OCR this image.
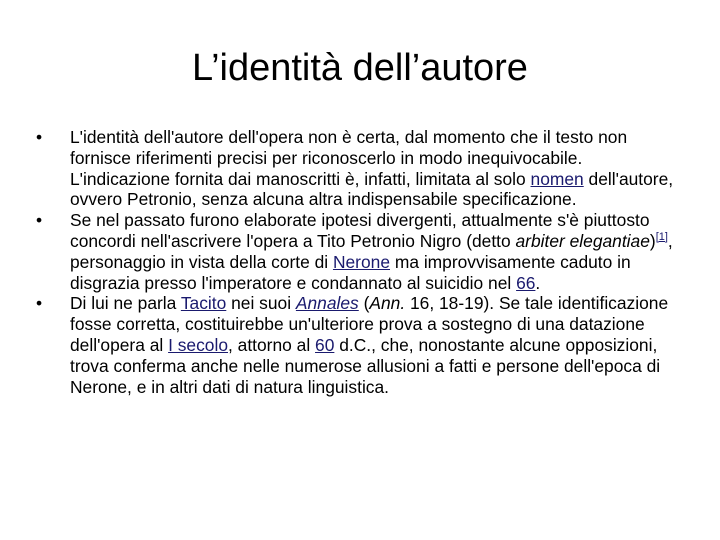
L’identità dell’autore
•	L'identità dell'autore dell'opera non è certa, dal momento che il testo non fornisce riferimenti precisi per riconoscerlo in modo inequivocabile. L'indicazione fornita dai manoscritti è, infatti, limitata al solo nomen dell'autore, ovvero Petronio, senza alcuna altra indispensabile specificazione.
•	Se nel passato furono elaborate ipotesi divergenti, attualmente s'è piuttosto concordi nell'ascrivere l'opera a Tito Petronio Nigro (detto arbiter elegantiae)[1], personaggio in vista della corte di Nerone ma improvvisamente caduto in disgrazia presso l'imperatore e condannato al suicidio nel 66.
•	Di lui ne parla Tacito nei suoi Annales (Ann. 16, 18-19). Se tale identificazione fosse corretta, costituirebbe un'ulteriore prova a sostegno di una datazione dell'opera al I secolo, attorno al 60 d.C., che, nonostante alcune opposizioni, trova conferma anche nelle numerose allusioni a fatti e persone dell'epoca di Nerone, e in altri dati di natura linguistica.
